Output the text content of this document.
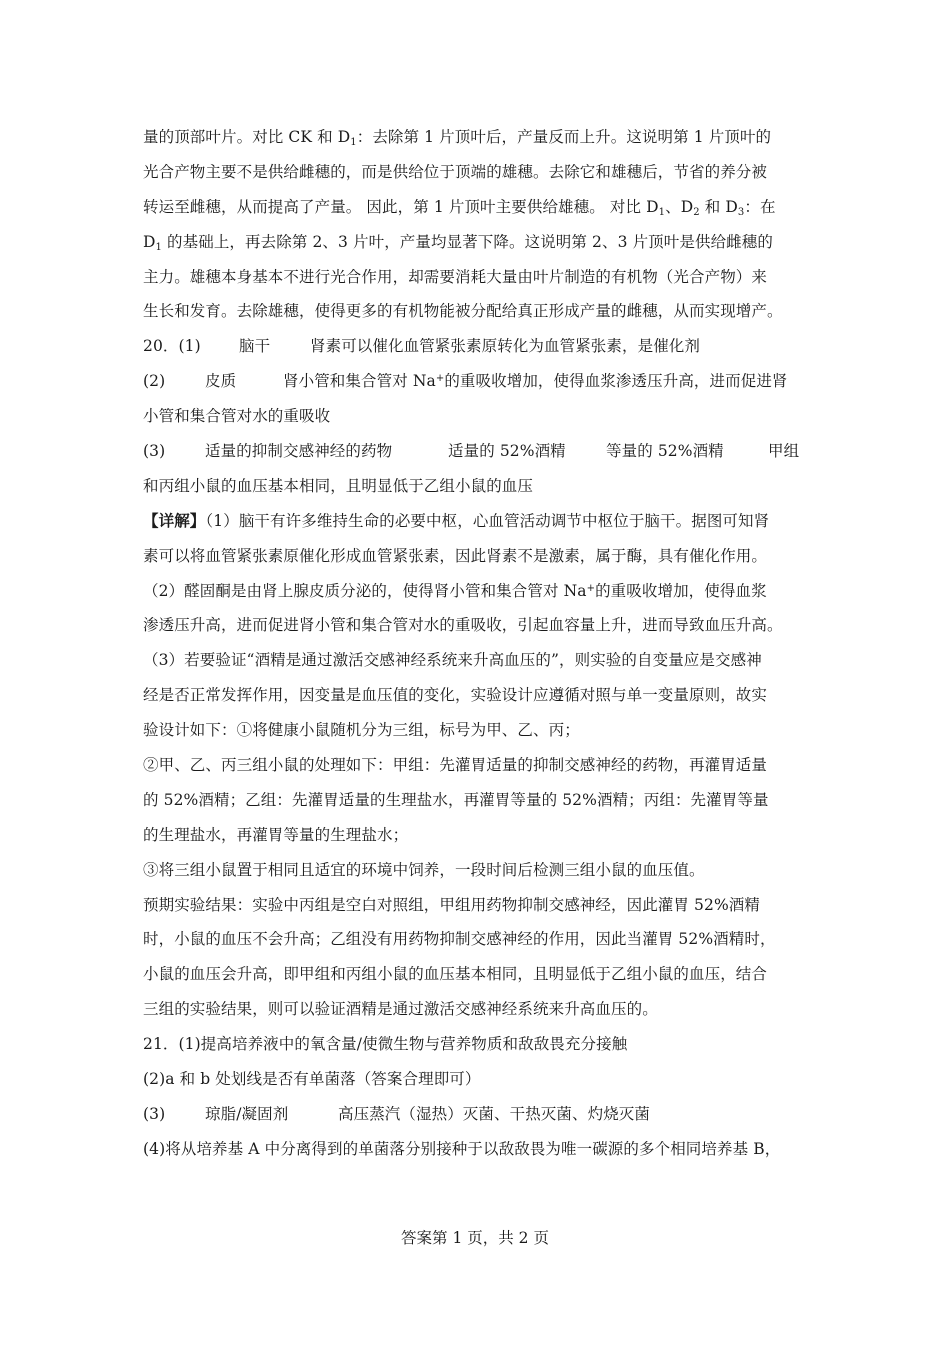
量的顶部叶片。对比 CK 和 $D_1$：去除第 1 片顶叶后，产量反而上升。这说明第 1 片顶叶的
光合产物主要不是供给雌穗的，而是供给位于顶端的雄穗。去除它和雄穗后，节省的养分被
转运至雌穗，从而提高了产量。 因此，第 1 片顶叶主要供给雄穗。 对比 $D_1$、$D_2$ 和 $D_3$：在
$D_1$ 的基础上，再去除第 2、3 片叶，产量均显著下降。这说明第 2、3 片顶叶是供给雌穗的
主力。雄穗本身基本不进行光合作用，却需要消耗大量由叶片制造的有机物（光合产物）来
生长和发育。去除雄穗，使得更多的有机物能被分配给真正形成产量的雌穗，从而实现增产。
20．(1) 脑干	肾素可以催化血管紧张素原转化为血管紧张素，是催化剂
(2)	皮质	肾小管和集合管对 Na+的重吸收增加，使得血浆渗透压升高，进而促进肾
小管和集合管对水的重吸收
(3)	适量的抑制交感神经的药物	适量的 52%酒精	等量的 52%酒精	甲组
和丙组小鼠的血压基本相同，且明显低于乙组小鼠的血压
【详解】（1）脑干有许多维持生命的必要中枢，心血管活动调节中枢位于脑干。据图可知肾
素可以将血管紧张素原催化形成血管紧张素，因此肾素不是激素，属于酶，具有催化作用。
（2）醛固酮是由肾上腺皮质分泌的，使得肾小管和集合管对 Na+的重吸收增加，使得血浆
渗透压升高，进而促进肾小管和集合管对水的重吸收，引起血容量上升，进而导致血压升高。
（3）若要验证“酒精是通过激活交感神经系统来升高血压的”，则实验的自变量应是交感神
经是否正常发挥作用，因变量是血压值的变化，实验设计应遵循对照与单一变量原则，故实
验设计如下：①将健康小鼠随机分为三组，标号为甲、乙、丙；
②甲、乙、丙三组小鼠的处理如下：甲组：先灌胃适量的抑制交感神经的药物，再灌胃适量
的 52%酒精；乙组：先灌胃适量的生理盐水，再灌胃等量的 52%酒精；丙组：先灌胃等量
的生理盐水，再灌胃等量的生理盐水；
③将三组小鼠置于相同且适宜的环境中饲养，一段时间后检测三组小鼠的血压值。
预期实验结果：实验中丙组是空白对照组，甲组用药物抑制交感神经，因此灌胃 52%酒精
时，小鼠的血压不会升高；乙组没有用药物抑制交感神经的作用，因此当灌胃 52%酒精时，
小鼠的血压会升高，即甲组和丙组小鼠的血压基本相同，且明显低于乙组小鼠的血压，结合
三组的实验结果，则可以验证酒精是通过激活交感神经系统来升高血压的。
21．(1)提高培养液中的氧含量/使微生物与营养物质和敌敌畏充分接触
(2)a 和 b 处划线是否有单菌落（答案合理即可）
(3)	琼脂/凝固剂	高压蒸汽（湿热）灭菌、干热灭菌、灼烧灭菌
(4)将从培养基 A 中分离得到的单菌落分别接种于以敌敌畏为唯一碳源的多个相同培养基 B，
答案第 1 页，共 2 页
